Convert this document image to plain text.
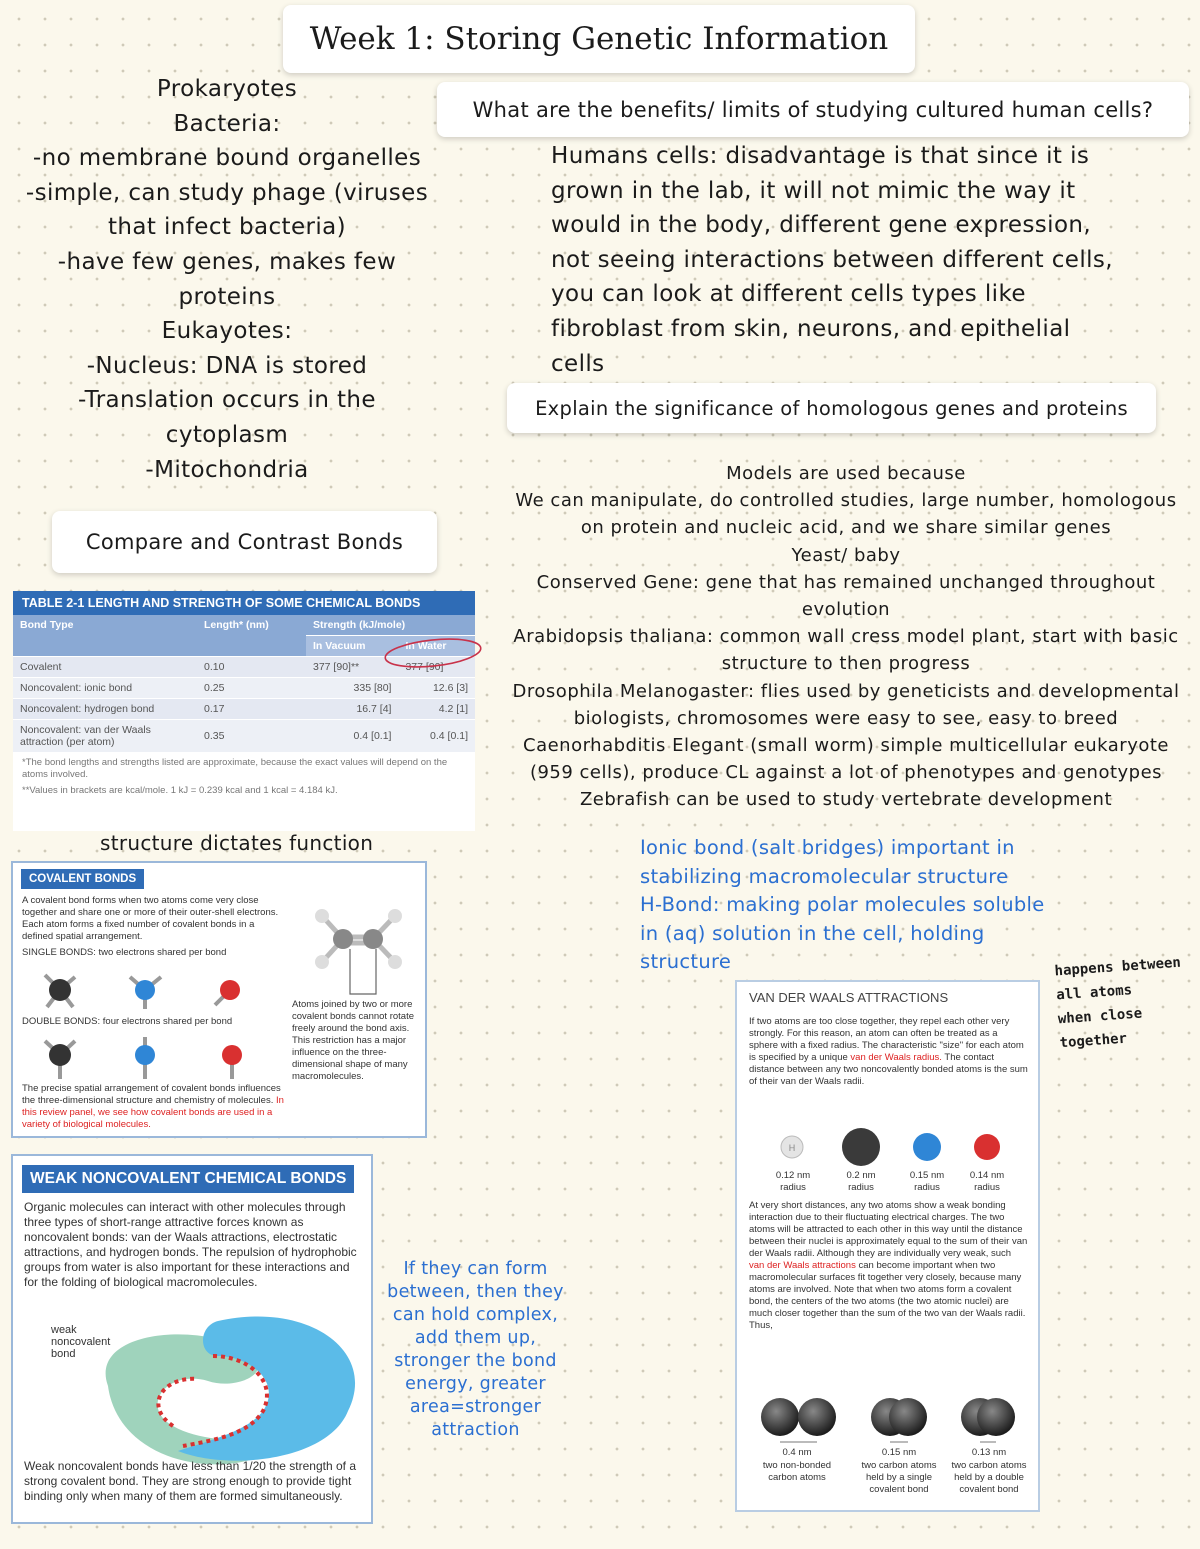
Week 1: Storing Genetic Information
Prokaryotes
Bacteria:
-no membrane bound organelles
-simple, can study phage (viruses
that infect bacteria)
-have few genes, makes few
proteins
Eukayotes:
-Nucleus: DNA is stored
-Translation occurs in the
cytoplasm
-Mitochondria
What are the benefits/ limits of studying cultured human cells?
Humans cells: disadvantage is that since it is
grown in the lab, it will not mimic the way it
would in the body, different gene expression,
not seeing interactions between different cells,
you can look at different cells types like
fibroblast from skin, neurons, and epithelial
cells
Explain the significance of homologous genes and proteins
Models are used because
We can manipulate, do controlled studies, large number, homologous
on protein and nucleic acid, and we share similar genes
Yeast/ baby
Conserved Gene: gene that has remained unchanged throughout
evolution
Arabidopsis thaliana: common wall cress model plant, start with basic
structure to then progress
Drosophila Melanogaster: flies used by geneticists and developmental
biologists, chromosomes were easy to see, easy to breed
Caenorhabditis Elegant (small worm) simple multicellular eukaryote
(959 cells), produce CL against a lot of phenotypes and genotypes
Zebrafish can be used to study vertebrate development
Compare and Contrast Bonds
TABLE 2-1 LENGTH AND STRENGTH OF SOME CHEMICAL BONDS
Bond Type	Length* (nm)	Strength (kJ/mole)	
		In Vacuum	In Water
Covalent	0.10	377 [90]**	377 [90]
Noncovalent: ionic bond	0.25	335 [80]	12.6 [3]
Noncovalent: hydrogen bond	0.17	16.7 [4]	4.2 [1]
Noncovalent: van der Waals attraction (per atom)	0.35	0.4 [0.1]	0.4 [0.1]
*The bond lengths and strengths listed are approximate, because the exact values will depend on the atoms involved.
**Values in brackets are kcal/mole. 1 kJ = 0.239 kcal and 1 kcal = 4.184 kJ.
structure dictates function
COVALENT BONDS
A covalent bond forms when two atoms come very close together and share one or more of their outer-shell electrons. Each atom forms a fixed number of covalent bonds in a defined spatial arrangement.
SINGLE BONDS: two electrons shared per bond
DOUBLE BONDS: four electrons shared per bond
The precise spatial arrangement of covalent bonds influences the three-dimensional structure and chemistry of molecules. In this review panel, we see how covalent bonds are used in a variety of biological molecules.
Atoms joined by two or more covalent bonds cannot rotate freely around the bond axis. This restriction has a major influence on the three-dimensional shape of many macromolecules.
WEAK NONCOVALENT CHEMICAL BONDS
Organic molecules can interact with other molecules through three types of short-range attractive forces known as noncovalent bonds: van der Waals attractions, electrostatic attractions, and hydrogen bonds. The repulsion of hydrophobic groups from water is also important for these interactions and for the folding of biological macromolecules.
weak noncovalent bond
Weak noncovalent bonds have less than 1/20 the strength of a strong covalent bond. They are strong enough to provide tight binding only when many of them are formed simultaneously.
Ionic bond (salt bridges) important in
stabilizing macromolecular structure
H-Bond: making polar molecules soluble
in (aq) solution in the cell, holding
structure
If they can form
between, then they
can hold complex,
add them up,
stronger the bond
energy, greater
area=stronger
attraction
happens between
all atoms
when close
together
VAN DER WAALS ATTRACTIONS
If two atoms are too close together, they repel each other very strongly. For this reason, an atom can often be treated as a sphere with a fixed radius. The characteristic "size" for each atom is specified by a unique van der Waals radius. The contact distance between any two noncovalently bonded atoms is the sum of their van der Waals radii.
H
0.12 nm radius
0.2 nm radius
0.15 nm radius
0.14 nm radius
At very short distances, any two atoms show a weak bonding interaction due to their fluctuating electrical charges. The two atoms will be attracted to each other in this way until the distance between their nuclei is approximately equal to the sum of their van der Waals radii. Although they are individually very weak, such van der Waals attractions can become important when two macromolecular surfaces fit together very closely, because many atoms are involved. Note that when two atoms form a covalent bond, the centers of the two atoms (the two atomic nuclei) are much closer together than the sum of the two van der Waals radii. Thus,
0.4 nm	0.15 nm	0.13 nm
two non-bonded carbon atoms
two carbon atoms held by a single covalent bond
two carbon atoms held by a double covalent bond
